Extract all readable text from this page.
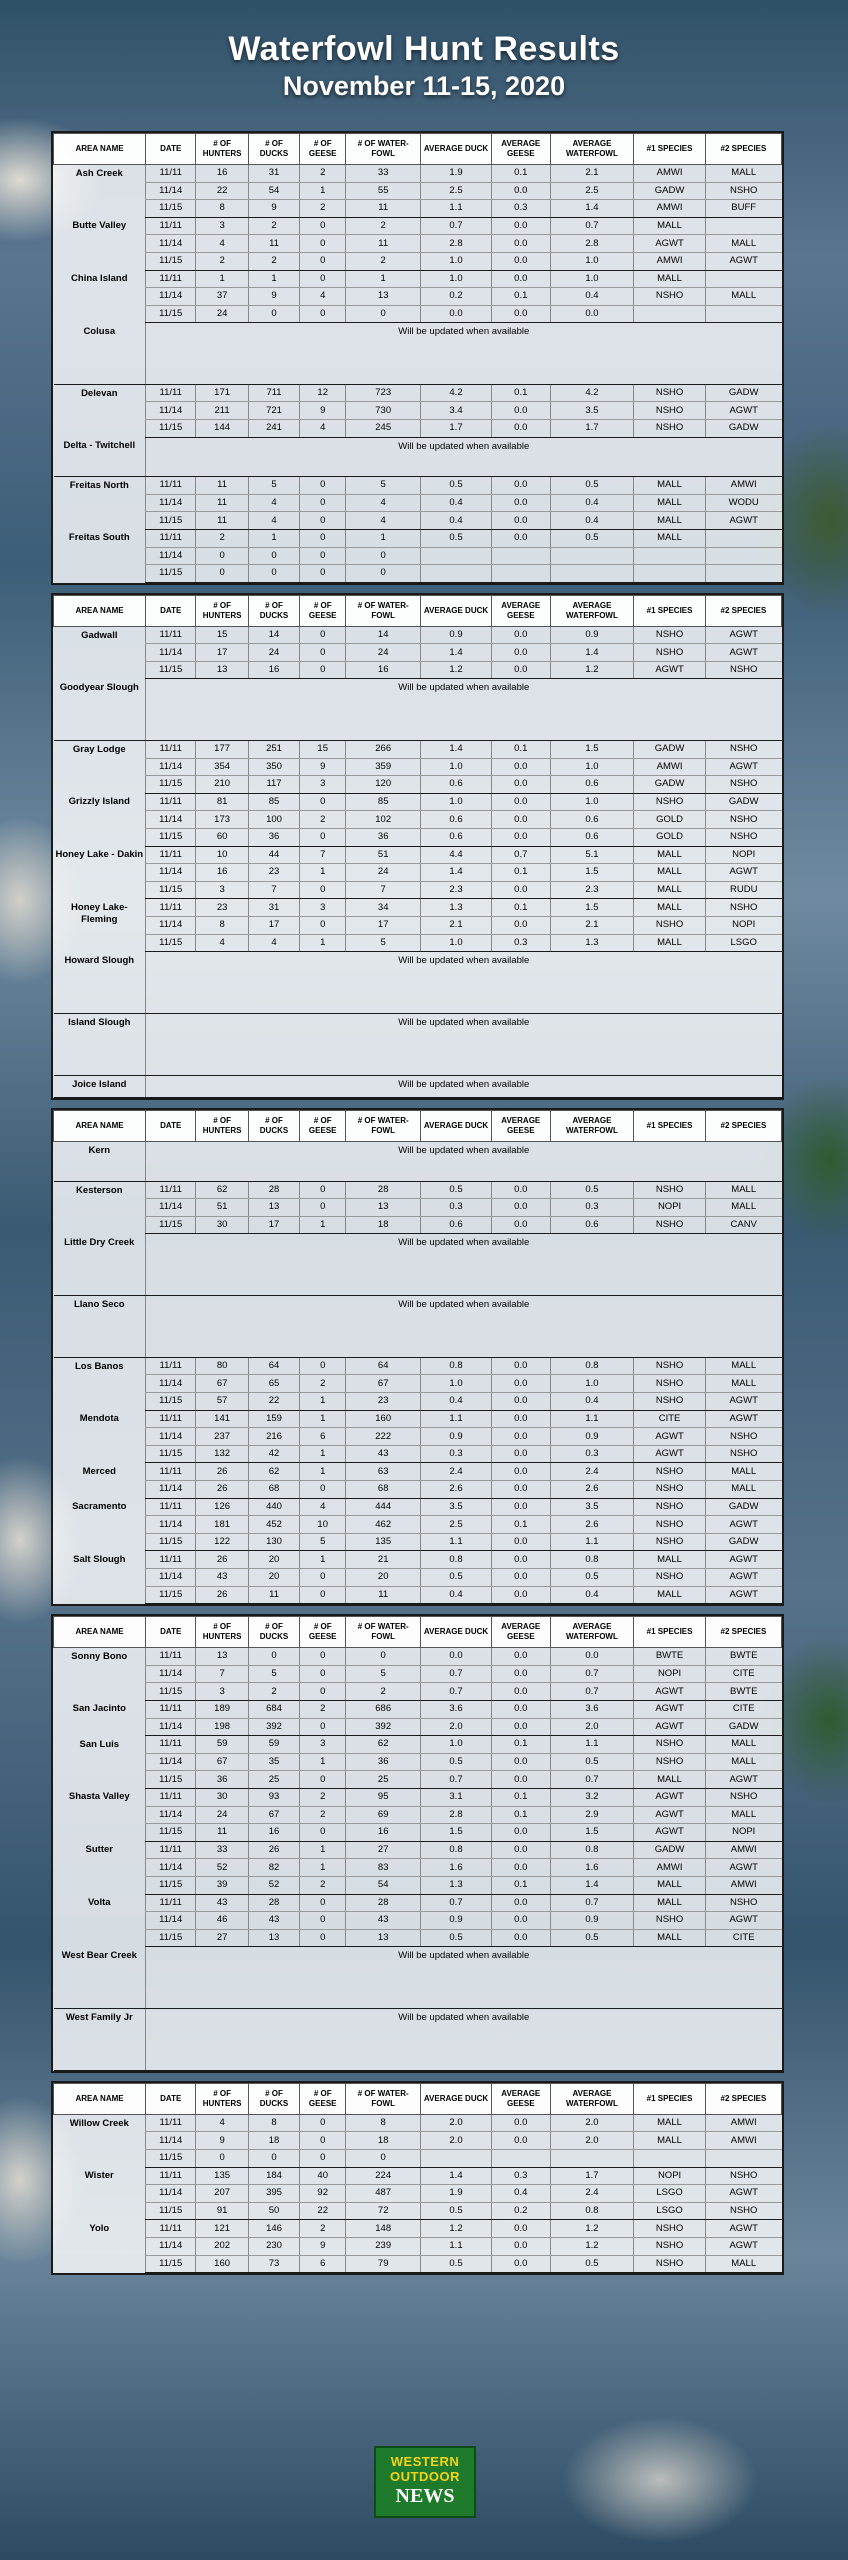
Waterfowl Hunt Results
November 11-15, 2020
AREA NAME	DATE	# OF HUNTERS	# OF DUCKS	# OF GEESE	# OF WATER-FOWL	AVERAGE DUCK	AVERAGE GEESE	AVERAGE WATERFOWL	#1 SPECIES	#2 SPECIES
Ash Creek	11/11	16	31	2	33	1.9	0.1	2.1	AMWI	MALL
	11/14	22	54	1	55	2.5	0.0	2.5	GADW	NSHO
	11/15	8	9	2	11	1.1	0.3	1.4	AMWI	BUFF
Butte Valley	11/11	3	2	0	2	0.7	0.0	0.7	MALL	
	11/14	4	11	0	11	2.8	0.0	2.8	AGWT	MALL
	11/15	2	2	0	2	1.0	0.0	1.0	AMWI	AGWT
China Island	11/11	1	1	0	1	1.0	0.0	1.0	MALL	
	11/14	37	9	4	13	0.2	0.1	0.4	NSHO	MALL
	11/15	24	0	0	0	0.0	0.0	0.0		
Colusa	Will be updated when available									
Delevan	11/11	171	711	12	723	4.2	0.1	4.2	NSHO	GADW
	11/14	211	721	9	730	3.4	0.0	3.5	NSHO	AGWT
	11/15	144	241	4	245	1.7	0.0	1.7	NSHO	GADW
Delta - Twitchell	Will be updated when available									
Freitas North	11/11	11	5	0	5	0.5	0.0	0.5	MALL	AMWI
	11/14	11	4	0	4	0.4	0.0	0.4	MALL	WODU
	11/15	11	4	0	4	0.4	0.0	0.4	MALL	AGWT
Freitas South	11/11	2	1	0	1	0.5	0.0	0.5	MALL	
	11/14	0	0	0	0					
	11/15	0	0	0	0					
AREA NAME	DATE	# OF HUNTERS	# OF DUCKS	# OF GEESE	# OF WATER-FOWL	AVERAGE DUCK	AVERAGE GEESE	AVERAGE WATERFOWL	#1 SPECIES	#2 SPECIES
Gadwall	11/11	15	14	0	14	0.9	0.0	0.9	NSHO	AGWT
	11/14	17	24	0	24	1.4	0.0	1.4	NSHO	AGWT
	11/15	13	16	0	16	1.2	0.0	1.2	AGWT	NSHO
Goodyear Slough	Will be updated when available									
Gray Lodge	11/11	177	251	15	266	1.4	0.1	1.5	GADW	NSHO
	11/14	354	350	9	359	1.0	0.0	1.0	AMWI	AGWT
	11/15	210	117	3	120	0.6	0.0	0.6	GADW	NSHO
Grizzly Island	11/11	81	85	0	85	1.0	0.0	1.0	NSHO	GADW
	11/14	173	100	2	102	0.6	0.0	0.6	GOLD	NSHO
	11/15	60	36	0	36	0.6	0.0	0.6	GOLD	NSHO
Honey Lake - Dakin	11/11	10	44	7	51	4.4	0.7	5.1	MALL	NOPI
	11/14	16	23	1	24	1.4	0.1	1.5	MALL	AGWT
	11/15	3	7	0	7	2.3	0.0	2.3	MALL	RUDU
Honey Lake-Fleming	11/11	23	31	3	34	1.3	0.1	1.5	MALL	NSHO
	11/14	8	17	0	17	2.1	0.0	2.1	NSHO	NOPI
	11/15	4	4	1	5	1.0	0.3	1.3	MALL	LSGO
Howard Slough	Will be updated when available									
Island Slough	Will be updated when available									
Joice Island	Will be updated when available									
AREA NAME	DATE	# OF HUNTERS	# OF DUCKS	# OF GEESE	# OF WATER-FOWL	AVERAGE DUCK	AVERAGE GEESE	AVERAGE WATERFOWL	#1 SPECIES	#2 SPECIES
Kern	Will be updated when available									
Kesterson	11/11	62	28	0	28	0.5	0.0	0.5	NSHO	MALL
	11/14	51	13	0	13	0.3	0.0	0.3	NOPI	MALL
	11/15	30	17	1	18	0.6	0.0	0.6	NSHO	CANV
Little Dry Creek	Will be updated when available									
Llano Seco	Will be updated when available									
Los Banos	11/11	80	64	0	64	0.8	0.0	0.8	NSHO	MALL
	11/14	67	65	2	67	1.0	0.0	1.0	NSHO	MALL
	11/15	57	22	1	23	0.4	0.0	0.4	NSHO	AGWT
Mendota	11/11	141	159	1	160	1.1	0.0	1.1	CITE	AGWT
	11/14	237	216	6	222	0.9	0.0	0.9	AGWT	NSHO
	11/15	132	42	1	43	0.3	0.0	0.3	AGWT	NSHO
Merced	11/11	26	62	1	63	2.4	0.0	2.4	NSHO	MALL
	11/14	26	68	0	68	2.6	0.0	2.6	NSHO	MALL
Sacramento	11/11	126	440	4	444	3.5	0.0	3.5	NSHO	GADW
	11/14	181	452	10	462	2.5	0.1	2.6	NSHO	AGWT
	11/15	122	130	5	135	1.1	0.0	1.1	NSHO	GADW
Salt Slough	11/11	26	20	1	21	0.8	0.0	0.8	MALL	AGWT
	11/14	43	20	0	20	0.5	0.0	0.5	NSHO	AGWT
	11/15	26	11	0	11	0.4	0.0	0.4	MALL	AGWT
AREA NAME	DATE	# OF HUNTERS	# OF DUCKS	# OF GEESE	# OF WATER-FOWL	AVERAGE DUCK	AVERAGE GEESE	AVERAGE WATERFOWL	#1 SPECIES	#2 SPECIES
Sonny Bono	11/11	13	0	0	0	0.0	0.0	0.0	BWTE	BWTE
	11/14	7	5	0	5	0.7	0.0	0.7	NOPI	CITE
	11/15	3	2	0	2	0.7	0.0	0.7	AGWT	BWTE
San Jacinto	11/11	189	684	2	686	3.6	0.0	3.6	AGWT	CITE
	11/14	198	392	0	392	2.0	0.0	2.0	AGWT	GADW
San Luis	11/11	59	59	3	62	1.0	0.1	1.1	NSHO	MALL
	11/14	67	35	1	36	0.5	0.0	0.5	NSHO	MALL
	11/15	36	25	0	25	0.7	0.0	0.7	MALL	AGWT
Shasta Valley	11/11	30	93	2	95	3.1	0.1	3.2	AGWT	NSHO
	11/14	24	67	2	69	2.8	0.1	2.9	AGWT	MALL
	11/15	11	16	0	16	1.5	0.0	1.5	AGWT	NOPI
Sutter	11/11	33	26	1	27	0.8	0.0	0.8	GADW	AMWI
	11/14	52	82	1	83	1.6	0.0	1.6	AMWI	AGWT
	11/15	39	52	2	54	1.3	0.1	1.4	MALL	AMWI
Volta	11/11	43	28	0	28	0.7	0.0	0.7	MALL	NSHO
	11/14	46	43	0	43	0.9	0.0	0.9	NSHO	AGWT
	11/15	27	13	0	13	0.5	0.0	0.5	MALL	CITE
West Bear Creek	Will be updated when available									
West Family Jr	Will be updated when available									
AREA NAME	DATE	# OF HUNTERS	# OF DUCKS	# OF GEESE	# OF WATER-FOWL	AVERAGE DUCK	AVERAGE GEESE	AVERAGE WATERFOWL	#1 SPECIES	#2 SPECIES
Willow Creek	11/11	4	8	0	8	2.0	0.0	2.0	MALL	AMWI
	11/14	9	18	0	18	2.0	0.0	2.0	MALL	AMWI
	11/15	0	0	0	0					
Wister	11/11	135	184	40	224	1.4	0.3	1.7	NOPI	NSHO
	11/14	207	395	92	487	1.9	0.4	2.4	LSGO	AGWT
	11/15	91	50	22	72	0.5	0.2	0.8	LSGO	NSHO
Yolo	11/11	121	146	2	148	1.2	0.0	1.2	NSHO	AGWT
	11/14	202	230	9	239	1.1	0.0	1.2	NSHO	AGWT
	11/15	160	73	6	79	0.5	0.0	0.5	NSHO	MALL
WESTERN
OUTDOOR
NEWS
